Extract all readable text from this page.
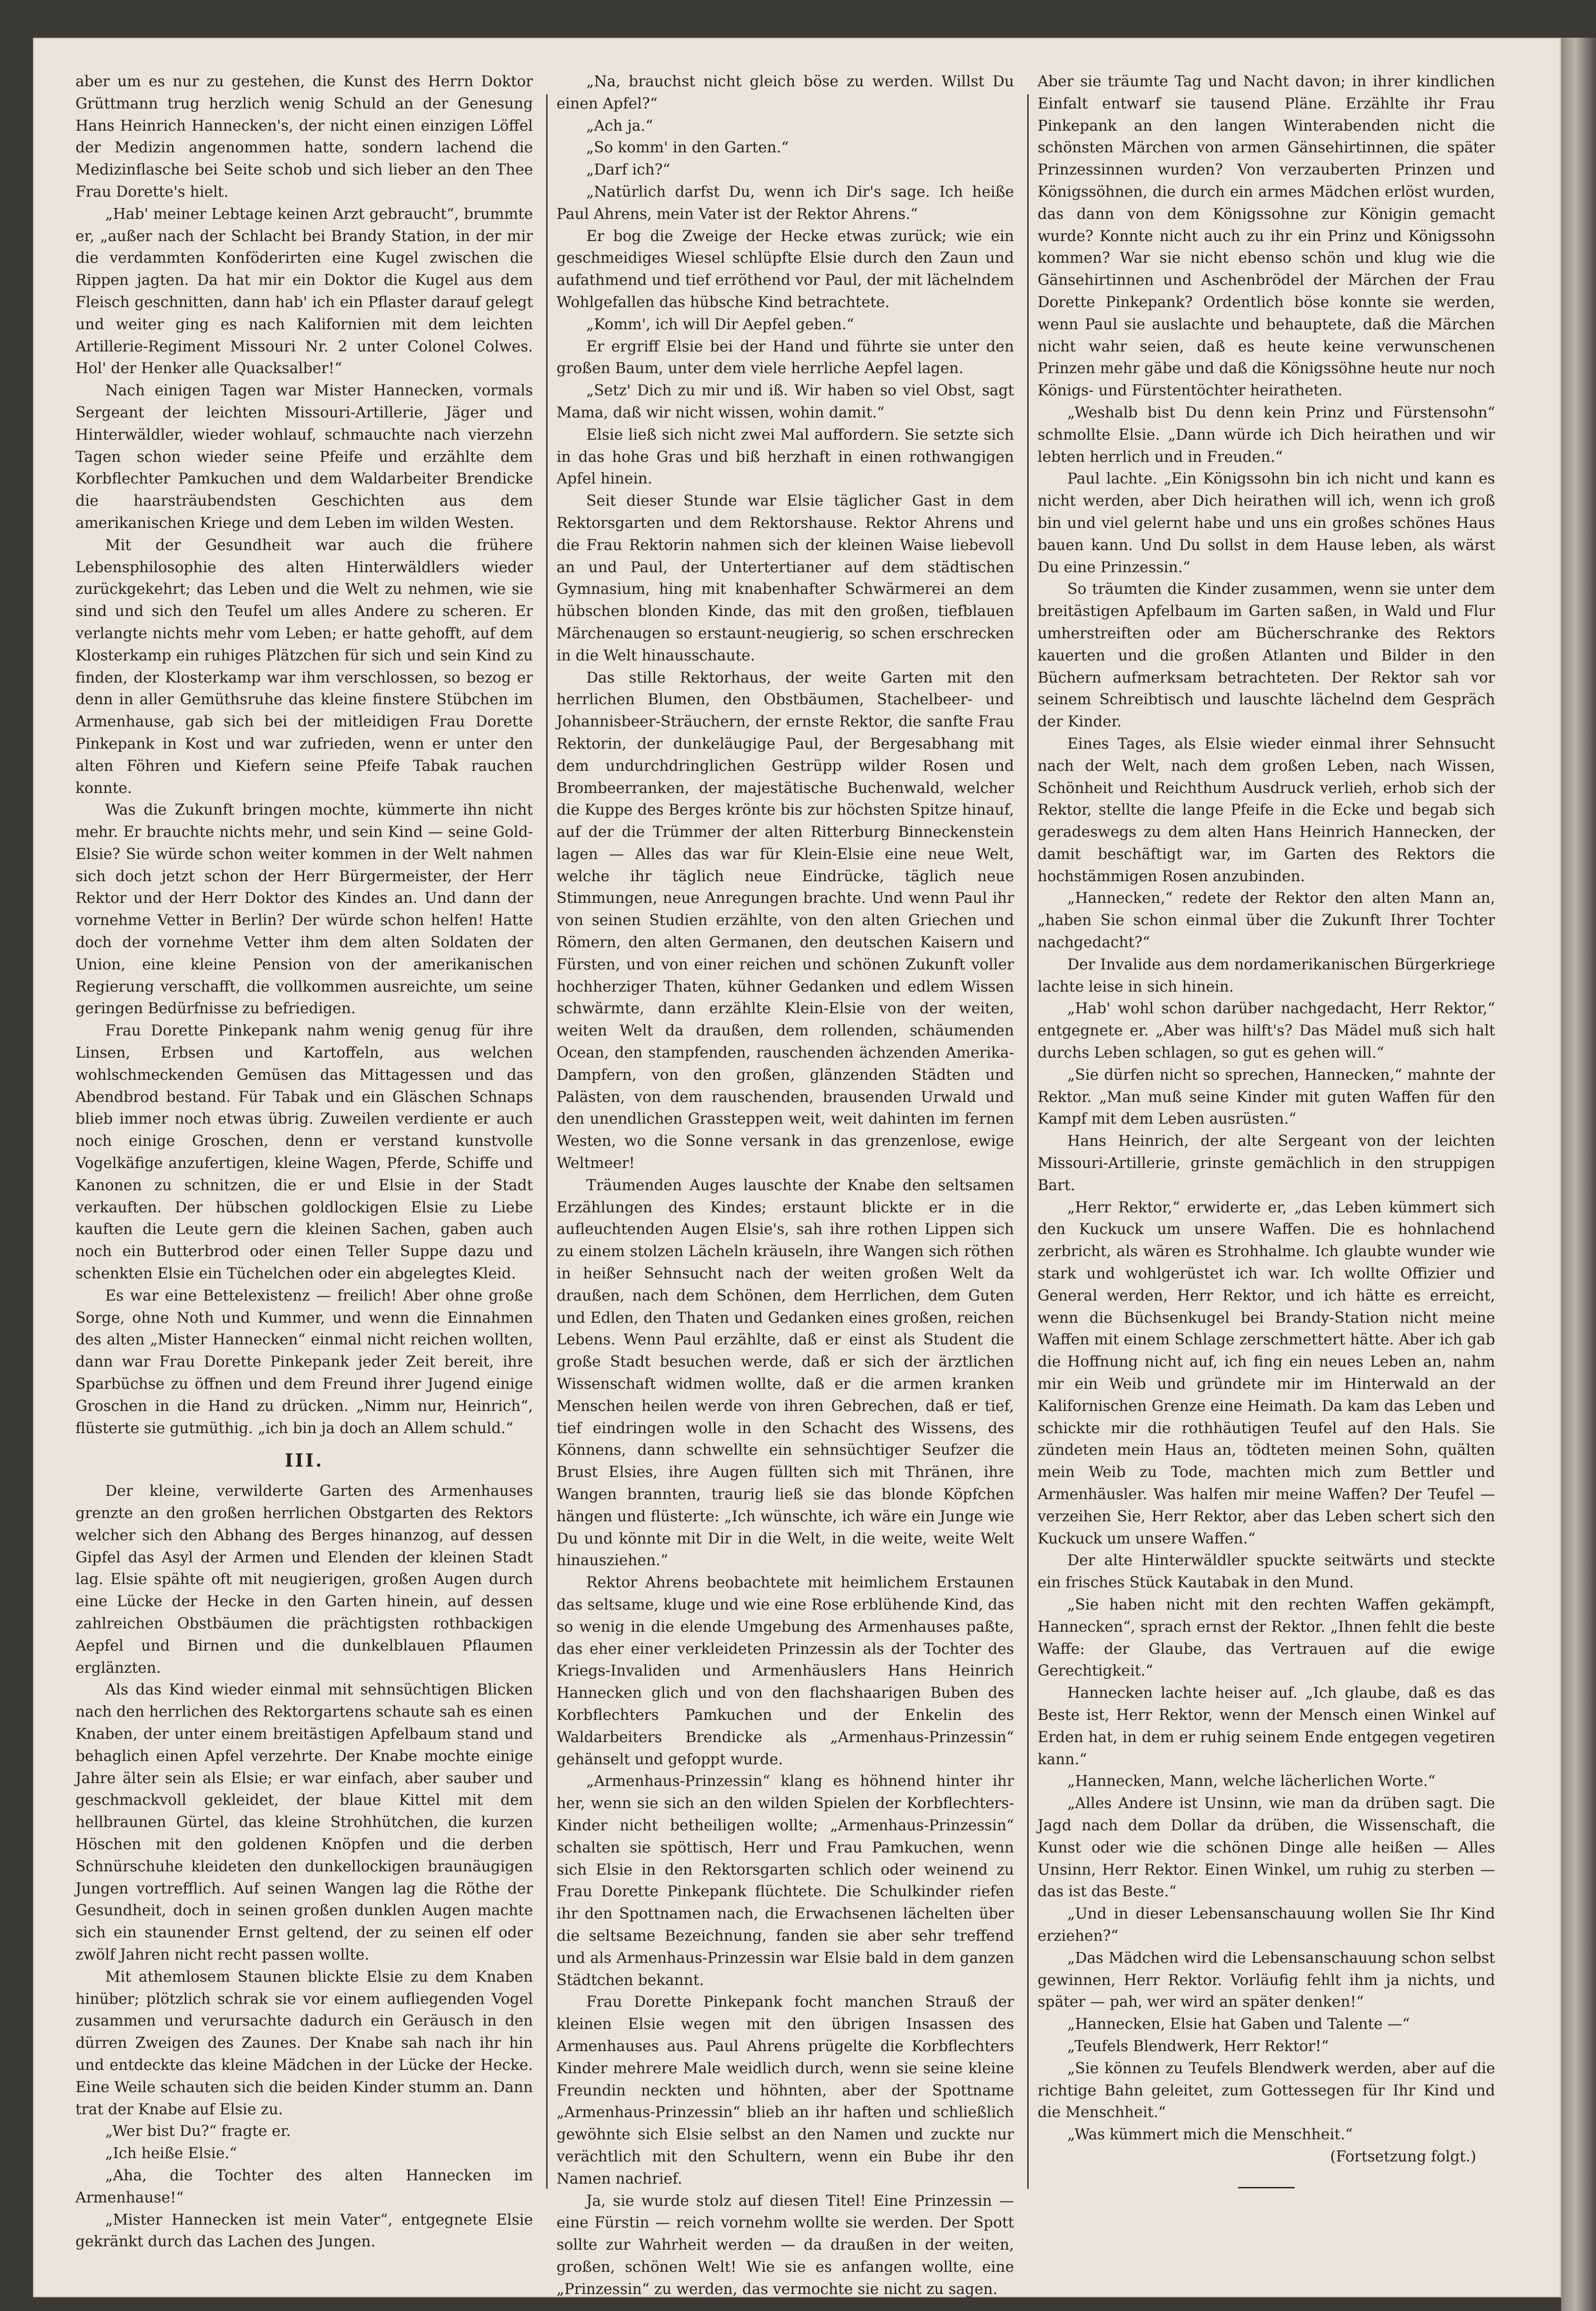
aber um es nur zu gestehen, die Kunst des Herrn Doktor Grüttmann trug herzlich wenig Schuld an der Genesung Hans Heinrich Hannecken's, der nicht einen einzigen Löffel der Medizin angenommen hatte, sondern lachend die Medizinflasche bei Seite schob und sich lieber an den Thee Frau Dorette's hielt.

„Hab' meiner Lebtage keinen Arzt gebraucht“, brummte er, „außer nach der Schlacht bei Brandy Station, in der mir die verdammten Konföderirten eine Kugel zwischen die Rippen jagten. Da hat mir ein Doktor die Kugel aus dem Fleisch geschnitten, dann hab' ich ein Pflaster darauf gelegt und weiter ging es nach Kalifornien mit dem leichten Artillerie-Regiment Missouri Nr. 2 unter Colonel Colwes. Hol' der Henker alle Quacksalber!“

Nach einigen Tagen war Mister Hannecken, vormals Sergeant der leichten Missouri-Artillerie, Jäger und Hinterwäldler, wieder wohlauf, schmauchte nach vierzehn Tagen schon wieder seine Pfeife und erzählte dem Korbflechter Pamkuchen und dem Waldarbeiter Brendicke die haarsträubendsten Geschichten aus dem amerikanischen Kriege und dem Leben im wilden Westen.

Mit der Gesundheit war auch die frühere Lebensphilosophie des alten Hinterwäldlers wieder zurückgekehrt; das Leben und die Welt zu nehmen, wie sie sind und sich den Teufel um alles Andere zu scheren. Er verlangte nichts mehr vom Leben; er hatte gehofft, auf dem Klosterkamp ein ruhiges Plätzchen für sich und sein Kind zu finden, der Klosterkamp war ihm verschlossen, so bezog er denn in aller Gemüthsruhe das kleine finstere Stübchen im Armenhause, gab sich bei der mitleidigen Frau Dorette Pinkepank in Kost und war zufrieden, wenn er unter den alten Föhren und Kiefern seine Pfeife Tabak rauchen konnte.

Was die Zukunft bringen mochte, kümmerte ihn nicht mehr. Er brauchte nichts mehr, und sein Kind — seine Gold-Elsie? Sie würde schon weiter kommen in der Welt nahmen sich doch jetzt schon der Herr Bürgermeister, der Herr Rektor und der Herr Doktor des Kindes an. Und dann der vornehme Vetter in Berlin? Der würde schon helfen! Hatte doch der vornehme Vetter ihm dem alten Soldaten der Union, eine kleine Pension von der amerikanischen Regierung verschafft, die vollkommen ausreichte, um seine geringen Bedürfnisse zu befriedigen.

Frau Dorette Pinkepank nahm wenig genug für ihre Linsen, Erbsen und Kartoffeln, aus welchen wohlschmeckenden Gemüsen das Mittagessen und das Abendbrod bestand. Für Tabak und ein Gläschen Schnaps blieb immer noch etwas übrig. Zuweilen verdiente er auch noch einige Groschen, denn er verstand kunstvolle Vogelkäfige anzufertigen, kleine Wagen, Pferde, Schiffe und Kanonen zu schnitzen, die er und Elsie in der Stadt verkauften. Der hübschen goldlockigen Elsie zu Liebe kauften die Leute gern die kleinen Sachen, gaben auch noch ein Butterbrod oder einen Teller Suppe dazu und schenkten Elsie ein Tüchelchen oder ein abgelegtes Kleid.

Es war eine Bettelexistenz — freilich! Aber ohne große Sorge, ohne Noth und Kummer, und wenn die Einnahmen des alten „Mister Hannecken“ einmal nicht reichen wollten, dann war Frau Dorette Pinkepank jeder Zeit bereit, ihre Sparbüchse zu öffnen und dem Freund ihrer Jugend einige Groschen in die Hand zu drücken. „Nimm nur, Heinrich“, flüsterte sie gutmüthig. „ich bin ja doch an Allem schuld.“

III.

Der kleine, verwilderte Garten des Armenhauses grenzte an den großen herrlichen Obstgarten des Rektors welcher sich den Abhang des Berges hinanzog, auf dessen Gipfel das Asyl der Armen und Elenden der kleinen Stadt lag. Elsie spähte oft mit neugierigen, großen Augen durch eine Lücke der Hecke in den Garten hinein, auf dessen zahlreichen Obstbäumen die prächtigsten rothbackigen Aepfel und Birnen und die dunkelblauen Pflaumen erglänzten.

Als das Kind wieder einmal mit sehnsüchtigen Blicken nach den herrlichen des Rektorgartens schaute sah es einen Knaben, der unter einem breitästigen Apfelbaum stand und behaglich einen Apfel verzehrte. Der Knabe mochte einige Jahre älter sein als Elsie; er war einfach, aber sauber und geschmackvoll gekleidet, der blaue Kittel mit dem hellbraunen Gürtel, das kleine Strohhütchen, die kurzen Höschen mit den goldenen Knöpfen und die derben Schnürschuhe kleideten den dunkellockigen braunäugigen Jungen vortrefflich. Auf seinen Wangen lag die Röthe der Gesundheit, doch in seinen großen dunklen Augen machte sich ein staunender Ernst geltend, der zu seinen elf oder zwölf Jahren nicht recht passen wollte.

Mit athemlosem Staunen blickte Elsie zu dem Knaben hinüber; plötzlich schrak sie vor einem aufliegenden Vogel zusammen und verursachte dadurch ein Geräusch in den dürren Zweigen des Zaunes. Der Knabe sah nach ihr hin und entdeckte das kleine Mädchen in der Lücke der Hecke. Eine Weile schauten sich die beiden Kinder stumm an. Dann trat der Knabe auf Elsie zu.

„Wer bist Du?“ fragte er.

„Ich heiße Elsie.“

„Aha, die Tochter des alten Hannecken im Armenhause!“

„Mister Hannecken ist mein Vater“, entgegnete Elsie gekränkt durch das Lachen des Jungen.

„Na, brauchst nicht gleich böse zu werden. Willst Du einen Apfel?“

„Ach ja.“

„So komm' in den Garten.“

„Darf ich?“

„Natürlich darfst Du, wenn ich Dir's sage. Ich heiße Paul Ahrens, mein Vater ist der Rektor Ahrens.“

Er bog die Zweige der Hecke etwas zurück; wie ein geschmeidiges Wiesel schlüpfte Elsie durch den Zaun und aufathmend und tief erröthend vor Paul, der mit lächelndem Wohlgefallen das hübsche Kind betrachtete.

„Komm', ich will Dir Aepfel geben.“

Er ergriff Elsie bei der Hand und führte sie unter den großen Baum, unter dem viele herrliche Aepfel lagen.

„Setz' Dich zu mir und iß. Wir haben so viel Obst, sagt Mama, daß wir nicht wissen, wohin damit.“

Elsie ließ sich nicht zwei Mal auffordern. Sie setzte sich in das hohe Gras und biß herzhaft in einen rothwangigen Apfel hinein.

Seit dieser Stunde war Elsie täglicher Gast in dem Rektorsgarten und dem Rektorshause. Rektor Ahrens und die Frau Rektorin nahmen sich der kleinen Waise liebevoll an und Paul, der Untertertianer auf dem städtischen Gymnasium, hing mit knabenhafter Schwärmerei an dem hübschen blonden Kinde, das mit den großen, tiefblauen Märchenaugen so erstaunt-neugierig, so schen erschrecken in die Welt hinausschaute.

Das stille Rektorhaus, der weite Garten mit den herrlichen Blumen, den Obstbäumen, Stachelbeer- und Johannisbeer-Sträuchern, der ernste Rektor, die sanfte Frau Rektorin, der dunkeläugige Paul, der Bergesabhang mit dem undurchdringlichen Gestrüpp wilder Rosen und Brombeerranken, der majestätische Buchenwald, welcher die Kuppe des Berges krönte bis zur höchsten Spitze hinauf, auf der die Trümmer der alten Ritterburg Binneckenstein lagen — Alles das war für Klein-Elsie eine neue Welt, welche ihr täglich neue Eindrücke, täglich neue Stimmungen, neue Anregungen brachte. Und wenn Paul ihr von seinen Studien erzählte, von den alten Griechen und Römern, den alten Germanen, den deutschen Kaisern und Fürsten, und von einer reichen und schönen Zukunft voller hochherziger Thaten, kühner Gedanken und edlem Wissen schwärmte, dann erzählte Klein-Elsie von der weiten, weiten Welt da draußen, dem rollenden, schäumenden Ocean, den stampfenden, rauschenden ächzenden Amerika-Dampfern, von den großen, glänzenden Städten und Palästen, von dem rauschenden, brausenden Urwald und den unendlichen Grassteppen weit, weit dahinten im fernen Westen, wo die Sonne versank in das grenzenlose, ewige Weltmeer!

Träumenden Auges lauschte der Knabe den seltsamen Erzählungen des Kindes; erstaunt blickte er in die aufleuchtenden Augen Elsie's, sah ihre rothen Lippen sich zu einem stolzen Lächeln kräuseln, ihre Wangen sich röthen in heißer Sehnsucht nach der weiten großen Welt da draußen, nach dem Schönen, dem Herrlichen, dem Guten und Edlen, den Thaten und Gedanken eines großen, reichen Lebens. Wenn Paul erzählte, daß er einst als Student die große Stadt besuchen werde, daß er sich der ärztlichen Wissenschaft widmen wollte, daß er die armen kranken Menschen heilen werde von ihren Gebrechen, daß er tief, tief eindringen wolle in den Schacht des Wissens, des Könnens, dann schwellte ein sehnsüchtiger Seufzer die Brust Elsies, ihre Augen füllten sich mit Thränen, ihre Wangen brannten, traurig ließ sie das blonde Köpfchen hängen und flüsterte: „Ich wünschte, ich wäre ein Junge wie Du und könnte mit Dir in die Welt, in die weite, weite Welt hinausziehen.“

Rektor Ahrens beobachtete mit heimlichem Erstaunen das seltsame, kluge und wie eine Rose erblühende Kind, das so wenig in die elende Umgebung des Armenhauses paßte, das eher einer verkleideten Prinzessin als der Tochter des Kriegs-Invaliden und Armenhäuslers Hans Heinrich Hannecken glich und von den flachshaarigen Buben des Korbflechters Pamkuchen und der Enkelin des Waldarbeiters Brendicke als „Armenhaus-Prinzessin“ gehänselt und gefoppt wurde.

„Armenhaus-Prinzessin“ klang es höhnend hinter ihr her, wenn sie sich an den wilden Spielen der Korbflechters-Kinder nicht betheiligen wollte; „Armenhaus-Prinzessin“ schalten sie spöttisch, Herr und Frau Pamkuchen, wenn sich Elsie in den Rektorsgarten schlich oder weinend zu Frau Dorette Pinkepank flüchtete. Die Schulkinder riefen ihr den Spottnamen nach, die Erwachsenen lächelten über die seltsame Bezeichnung, fanden sie aber sehr treffend und als Armenhaus-Prinzessin war Elsie bald in dem ganzen Städtchen bekannt.

Frau Dorette Pinkepank focht manchen Strauß der kleinen Elsie wegen mit den übrigen Insassen des Armenhauses aus. Paul Ahrens prügelte die Korbflechters Kinder mehrere Male weidlich durch, wenn sie seine kleine Freundin neckten und höhnten, aber der Spottname „Armenhaus-Prinzessin“ blieb an ihr haften und schließlich gewöhnte sich Elsie selbst an den Namen und zuckte nur verächtlich mit den Schultern, wenn ein Bube ihr den Namen nachrief.

Ja, sie wurde stolz auf diesen Titel! Eine Prinzessin — eine Fürstin — reich vornehm wollte sie werden. Der Spott sollte zur Wahrheit werden — da draußen in der weiten, großen, schönen Welt! Wie sie es anfangen wollte, eine „Prinzessin“ zu werden, das vermochte sie nicht zu sagen.

Aber sie träumte Tag und Nacht davon; in ihrer kindlichen Einfalt entwarf sie tausend Pläne. Erzählte ihr Frau Pinkepank an den langen Winterabenden nicht die schönsten Märchen von armen Gänsehirtinnen, die später Prinzessinnen wurden? Von verzauberten Prinzen und Königssöhnen, die durch ein armes Mädchen erlöst wurden, das dann von dem Königssohne zur Königin gemacht wurde? Konnte nicht auch zu ihr ein Prinz und Königssohn kommen? War sie nicht ebenso schön und klug wie die Gänsehirtinnen und Aschenbrödel der Märchen der Frau Dorette Pinkepank? Ordentlich böse konnte sie werden, wenn Paul sie auslachte und behauptete, daß die Märchen nicht wahr seien, daß es heute keine verwunschenen Prinzen mehr gäbe und daß die Königssöhne heute nur noch Königs- und Fürstentöchter heiratheten.

„Weshalb bist Du denn kein Prinz und Fürstensohn“ schmollte Elsie. „Dann würde ich Dich heirathen und wir lebten herrlich und in Freuden.“

Paul lachte. „Ein Königssohn bin ich nicht und kann es nicht werden, aber Dich heirathen will ich, wenn ich groß bin und viel gelernt habe und uns ein großes schönes Haus bauen kann. Und Du sollst in dem Hause leben, als wärst Du eine Prinzessin.“

So träumten die Kinder zusammen, wenn sie unter dem breitästigen Apfelbaum im Garten saßen, in Wald und Flur umherstreiften oder am Bücherschranke des Rektors kauerten und die großen Atlanten und Bilder in den Büchern aufmerksam betrachteten. Der Rektor sah vor seinem Schreibtisch und lauschte lächelnd dem Gespräch der Kinder.

Eines Tages, als Elsie wieder einmal ihrer Sehnsucht nach der Welt, nach dem großen Leben, nach Wissen, Schönheit und Reichthum Ausdruck verlieh, erhob sich der Rektor, stellte die lange Pfeife in die Ecke und begab sich geradeswegs zu dem alten Hans Heinrich Hannecken, der damit beschäftigt war, im Garten des Rektors die hochstämmigen Rosen anzubinden.

„Hannecken,“ redete der Rektor den alten Mann an, „haben Sie schon einmal über die Zukunft Ihrer Tochter nachgedacht?“

Der Invalide aus dem nordamerikanischen Bürgerkriege lachte leise in sich hinein.

„Hab' wohl schon darüber nachgedacht, Herr Rektor,“ entgegnete er. „Aber was hilft's? Das Mädel muß sich halt durchs Leben schlagen, so gut es gehen will.“

„Sie dürfen nicht so sprechen, Hannecken,“ mahnte der Rektor. „Man muß seine Kinder mit guten Waffen für den Kampf mit dem Leben ausrüsten.“

Hans Heinrich, der alte Sergeant von der leichten Missouri-Artillerie, grinste gemächlich in den struppigen Bart.

„Herr Rektor,“ erwiderte er, „das Leben kümmert sich den Kuckuck um unsere Waffen. Die es hohnlachend zerbricht, als wären es Strohhalme. Ich glaubte wunder wie stark und wohlgerüstet ich war. Ich wollte Offizier und General werden, Herr Rektor, und ich hätte es erreicht, wenn die Büchsenkugel bei Brandy-Station nicht meine Waffen mit einem Schlage zerschmettert hätte. Aber ich gab die Hoffnung nicht auf, ich fing ein neues Leben an, nahm mir ein Weib und gründete mir im Hinterwald an der Kalifornischen Grenze eine Heimath. Da kam das Leben und schickte mir die rothhäutigen Teufel auf den Hals. Sie zündeten mein Haus an, tödteten meinen Sohn, quälten mein Weib zu Tode, machten mich zum Bettler und Armenhäusler. Was halfen mir meine Waffen? Der Teufel — verzeihen Sie, Herr Rektor, aber das Leben schert sich den Kuckuck um unsere Waffen.“

Der alte Hinterwäldler spuckte seitwärts und steckte ein frisches Stück Kautabak in den Mund.

„Sie haben nicht mit den rechten Waffen gekämpft, Hannecken“, sprach ernst der Rektor. „Ihnen fehlt die beste Waffe: der Glaube, das Vertrauen auf die ewige Gerechtigkeit.“

Hannecken lachte heiser auf. „Ich glaube, daß es das Beste ist, Herr Rektor, wenn der Mensch einen Winkel auf Erden hat, in dem er ruhig seinem Ende entgegen vegetiren kann.“

„Hannecken, Mann, welche lächerlichen Worte.“

„Alles Andere ist Unsinn, wie man da drüben sagt. Die Jagd nach dem Dollar da drüben, die Wissenschaft, die Kunst oder wie die schönen Dinge alle heißen — Alles Unsinn, Herr Rektor. Einen Winkel, um ruhig zu sterben — das ist das Beste.“

„Und in dieser Lebensanschauung wollen Sie Ihr Kind erziehen?“

„Das Mädchen wird die Lebensanschauung schon selbst gewinnen, Herr Rektor. Vorläufig fehlt ihm ja nichts, und später — pah, wer wird an später denken!“

„Hannecken, Elsie hat Gaben und Talente —“

„Teufels Blendwerk, Herr Rektor!“

„Sie können zu Teufels Blendwerk werden, aber auf die richtige Bahn geleitet, zum Gottessegen für Ihr Kind und die Menschheit.“

„Was kümmert mich die Menschheit.“

(Fortsetzung folgt.)
